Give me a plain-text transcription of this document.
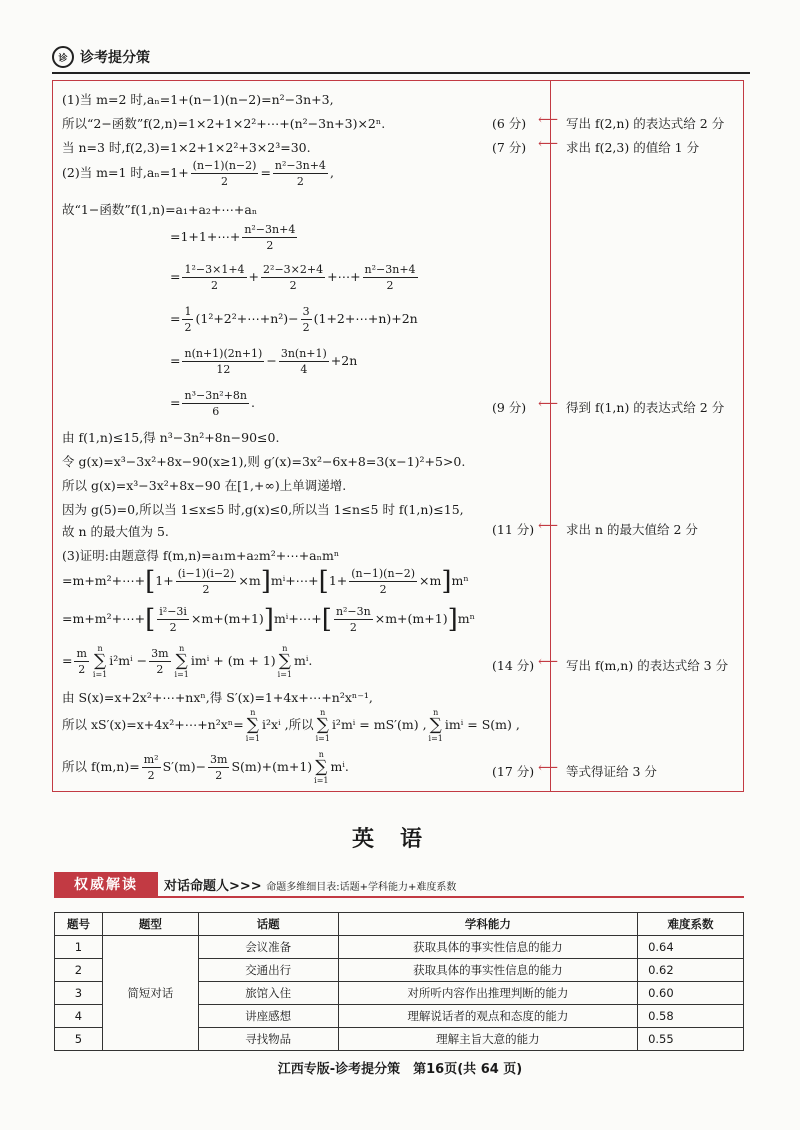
诊 诊考提分策
(1)当 m=2 时,aₙ=1+(n−1)(n−2)=n²−3n+3,
所以“2−函数”f(2,n)=1×2+1×2²+⋯+(n²−3n+3)×2ⁿ.
当 n=3 时,f(2,3)=1×2+1×2²+3×2³=30.
(2)当 m=1 时$,a_n=1+ \frac{(n-1)(n-2)}{2} = \frac{\text{n²−3n+4}}{2}$ ,
故“1−函数”f(1,n)=a₁+a₂+⋯+aₙ
=1+1+⋯+ $\frac{\text{n²−3n+4}}{2}$
= $\frac{\text{1²−3×1+4}}{2} + \frac{\text{2²−3×2+4}}{2}$ +⋯+ $\frac{\text{n²−3n+4}}{2}$
= $\frac{1}{2}$ (1²+2²+⋯+n²)− $\frac{3}{2}$ (1+2+⋯+n)+2n
= $\frac{n(n+1)(2n+1)}{12} - \frac{3n(n+1)}{4} +2n$
= $\frac{\text{n³−3n²+8n}}{6}$ .
由 f(1,n)≤15,得 n³−3n²+8n−90≤0.
令 g(x)=x³−3x²+8x−90(x≥1),则 g′(x)=3x²−6x+8=3(x−1)²+5>0.
所以 g(x)=x³−3x²+8x−90 在[1,+∞)上单调递增.
因为 g(5)=0,所以当 1≤x≤5 时,g(x)≤0,所以当 1≤n≤5 时 f(1,n)≤15,
故 n 的最大值为 5.
(3)证明:由题意得 f(m,n)=a₁m+a₂m²+⋯+aₙmⁿ
=m+m²+⋯+[1+ $\frac{(i-1)(i-2)}{2}$ ×m]mⁱ+⋯+[1+ $\frac{(n-1)(n-2)}{2} \times m]m^n$
=m+m²+⋯+[ $\frac{\text{i²−3i}}{2}$ ×m+(m+1)]mⁱ+⋯+[ $\frac{\text{n²−3n}}{2} \times m+(m+1)]m^n$
= $\frac{m}{2}$	n
∑
i=1
$i^2m^i - \frac{3m}{2}$	n
∑
i=1
imⁱ + (m + 1)
n
∑
i=1
mⁱ.
由 S(x)=x+2x²+⋯+nxⁿ,得 S′(x)=1+4x+⋯+n²xⁿ⁻¹,
所以 xS′(x)=x+4x²+⋯+n²xⁿ=
n
∑
i=1
i²xⁱ ,所以
n
∑
i=1
i²mⁱ = mS′(m) ,
n
∑
i=1
imⁱ = S(m) ,
所以 $f(m,n)= \frac{\text{m²}}{2} S'(m)- \frac{3m}{2} S(m)+(m+1)$
n
∑
i=1
mⁱ.
(6 分) ⟵ 写出 f(2,n) 的表达式给 2 分
(7 分) ⟵ 求出 f(2,3) 的值给 1 分
(9 分) ⟵ 得到 f(1,n) 的表达式给 2 分
(11 分) ⟵ 求出 n 的最大值给 2 分
(14 分) ⟵ 写出 f(m,n) 的表达式给 3 分
(17 分) ⟵ 等式得证给 3 分
英语
权威解读	对话命题人>>> 命题多维细目表:话题+学科能力+难度系数
题号	题型	话题	学科能力	难度系数
1	简短对话	会议准备	获取具体的事实性信息的能力	0.64
2		交通出行	获取具体的事实性信息的能力	0.62
3		旅馆入住	对所听内容作出推理判断的能力	0.60
4		讲座感想	理解说话者的观点和态度的能力	0.58
5		寻找物品	理解主旨大意的能力	0.55
江西专版-诊考提分策　第16页(共 64 页)
